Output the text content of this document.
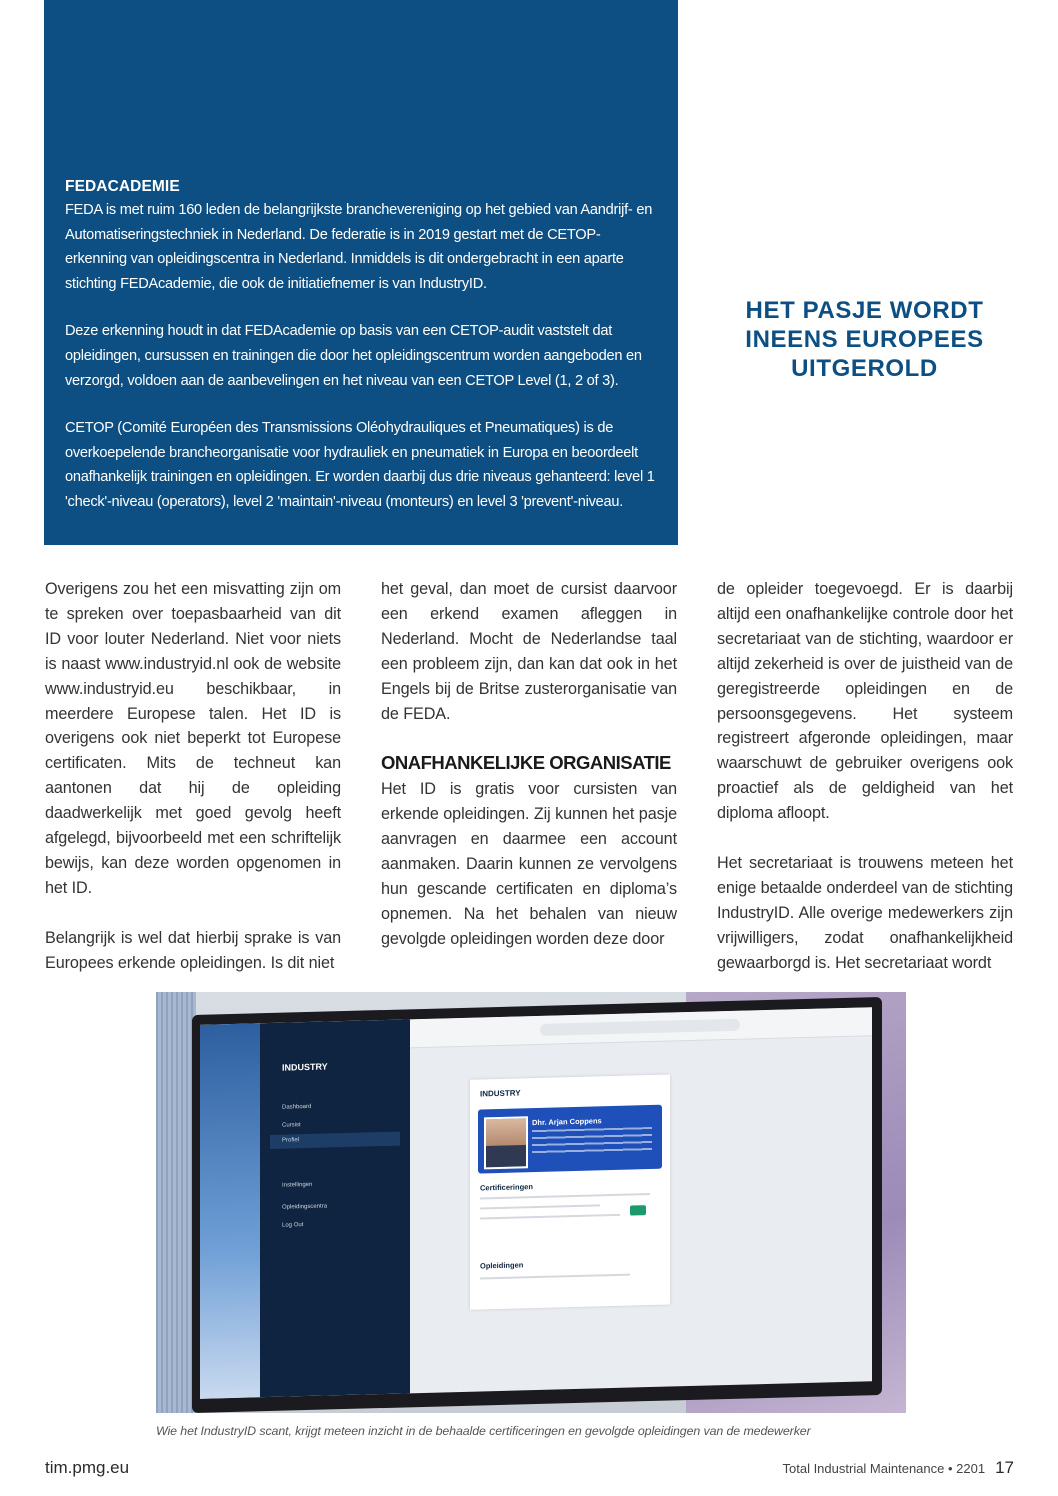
FEDACADEMIE

FEDA is met ruim 160 leden de belangrijkste branchevereniging op het gebied van Aandrijf- en Automatiseringstechniek in Nederland. De federatie is in 2019 gestart met de CETOP-erkenning van opleidingscentra in Nederland. Inmiddels is dit ondergebracht in een aparte stichting FEDAcademie, die ook de initiatiefnemer is van IndustryID.

Deze erkenning houdt in dat FEDAcademie op basis van een CETOP-audit vaststelt dat opleidingen, cursussen en trainingen die door het opleidingscentrum worden aangeboden en verzorgd, voldoen aan de aanbevelingen en het niveau van een CETOP Level (1, 2 of 3).

CETOP (Comité Européen des Transmissions Oléohydrauliques et Pneumatiques) is de overkoepelende brancheorganisatie voor hydrauliek en pneumatiek in Europa en beoordeelt onafhankelijk trainingen en opleidingen. Er worden daarbij dus drie niveaus gehanteerd: level 1 'check'-niveau (operators), level 2 'maintain'-niveau (monteurs) en level 3 'prevent'-niveau.

HET PASJE WORDT INEENS EUROPEES UITGEROLD

Overigens zou het een misvatting zijn om te spreken over toepasbaarheid van dit ID voor louter Nederland. Niet voor niets is naast www.industryid.nl ook de website www.industryid.eu beschikbaar, in meerdere Europese talen. Het ID is overigens ook niet beperkt tot Europese certificaten. Mits de techneut kan aantonen dat hij de opleiding daadwerkelijk met goed gevolg heeft afgelegd, bijvoorbeeld met een schriftelijk bewijs, kan deze worden opgenomen in het ID.

Belangrijk is wel dat hierbij sprake is van Europees erkende opleidingen. Is dit niet

het geval, dan moet de cursist daarvoor een erkend examen afleggen in Nederland. Mocht de Nederlandse taal een probleem zijn, dan kan dat ook in het Engels bij de Britse zusterorganisatie van de FEDA.

ONAFHANKELIJKE ORGANISATIE

Het ID is gratis voor cursisten van erkende opleidingen. Zij kunnen het pasje aanvragen en daarmee een account aanmaken. Daarin kunnen ze vervolgens hun gescande certificaten en diploma’s opnemen. Na het behalen van nieuw gevolgde opleidingen worden deze door

de opleider toegevoegd. Er is daarbij altijd een onafhankelijke controle door het secretariaat van de stichting, waardoor er altijd zekerheid is over de juistheid van de geregistreerde opleidingen en de persoonsgegevens. Het systeem registreert afgeronde opleidingen, maar waarschuwt de gebruiker overigens ook proactief als de geldigheid van het diploma afloopt.

Het secretariaat is trouwens meteen het enige betaalde onderdeel van de stichting IndustryID. Alle overige medewerkers zijn vrijwilligers, zodat onafhankelijkheid gewaarborgd is. Het secretariaat wordt

INDUSTRY
Dashboard
Cursist
Profiel
Instellingen
Opleidingscentra
Log Out
INDUSTRY
Dhr. Arjan Coppens
Certificeringen
Opleidingen
Wie het IndustryID scant, krijgt meteen inzicht in de behaalde certificeringen en gevolgde opleidingen van de medewerker
tim.pmg.eu	Total Industrial Maintenance • 2201 17
